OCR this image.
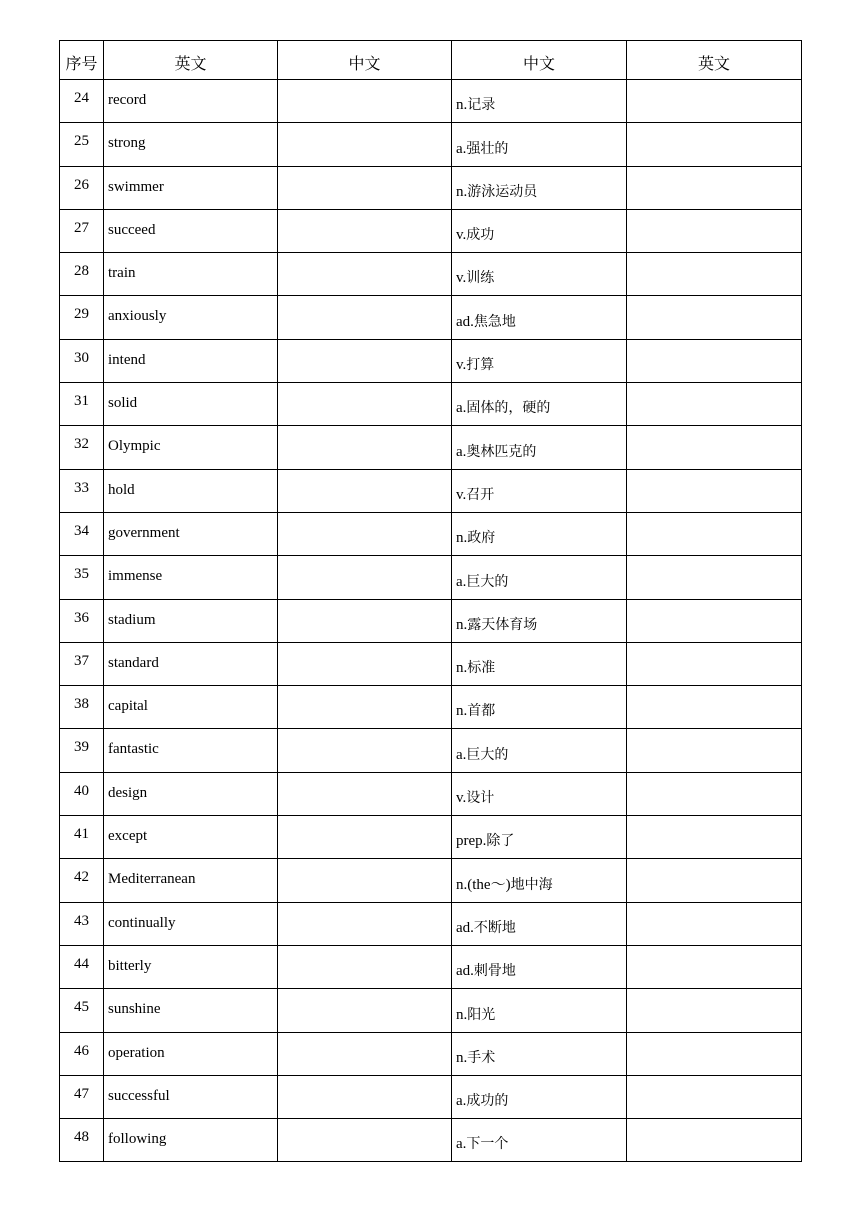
序号	英文	中文	中文	英文
24	record		n.记录	
25	strong		a.强壮的	
26	swimmer		n.游泳运动员	
27	succeed		v.成功	
28	train		v.训练	
29	anxiously		ad.焦急地	
30	intend		v.打算	
31	solid		a.固体的，硬的	
32	Olympic		a.奥林匹克的	
33	hold		v.召开	
34	government		n.政府	
35	immense		a.巨大的	
36	stadium		n.露天体育场	
37	standard		n.标准	
38	capital		n.首都	
39	fantastic		a.巨大的	
40	design		v.设计	
41	except		prep.除了	
42	Mediterranean		n.(the～)地中海	
43	continually		ad.不断地	
44	bitterly		ad.刺骨地	
45	sunshine		n.阳光	
46	operation		n.手术	
47	successful		a.成功的	
48	following		a.下一个	
